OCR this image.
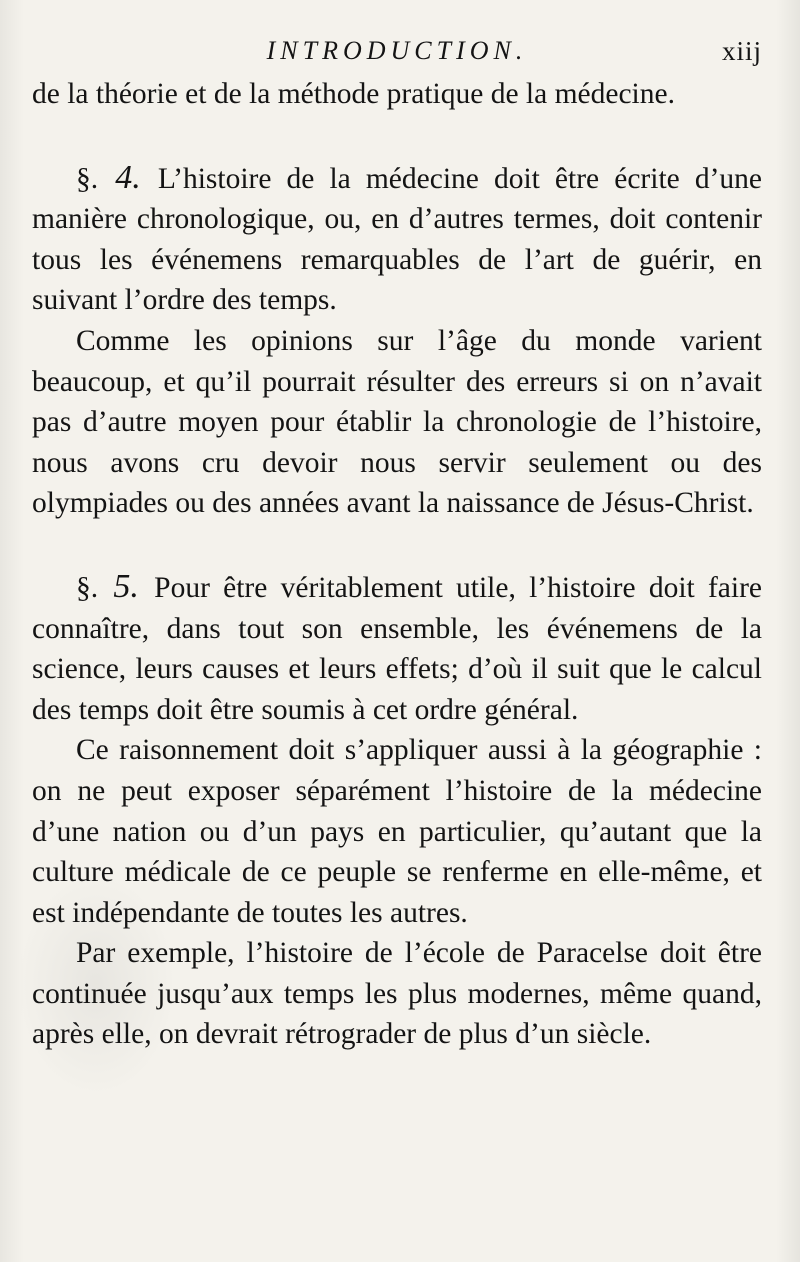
INTRODUCTION.	xiij

de la théorie et de la méthode pratique de la médecine.

§. 4. L’histoire de la médecine doit être écrite d’une manière chronologique, ou, en d’autres termes, doit contenir tous les événemens remarquables de l’art de guérir, en suivant l’ordre des temps.

Comme les opinions sur l’âge du monde varient beaucoup, et qu’il pourrait résulter des erreurs si on n’avait pas d’autre moyen pour établir la chronologie de l’histoire, nous avons cru devoir nous servir seulement ou des olympiades ou des années avant la naissance de Jésus-Christ.

§. 5. Pour être véritablement utile, l’histoire doit faire connaître, dans tout son ensemble, les événemens de la science, leurs causes et leurs effets; d’où il suit que le calcul des temps doit être soumis à cet ordre général.

Ce raisonnement doit s’appliquer aussi à la géographie : on ne peut exposer séparément l’histoire de la médecine d’une nation ou d’un pays en particulier, qu’autant que la culture médicale de ce peuple se renferme en elle-même, et est indépendante de toutes les autres.

Par exemple, l’histoire de l’école de Paracelse doit être continuée jusqu’aux temps les plus modernes, même quand, après elle, on devrait rétrograder de plus d’un siècle.
